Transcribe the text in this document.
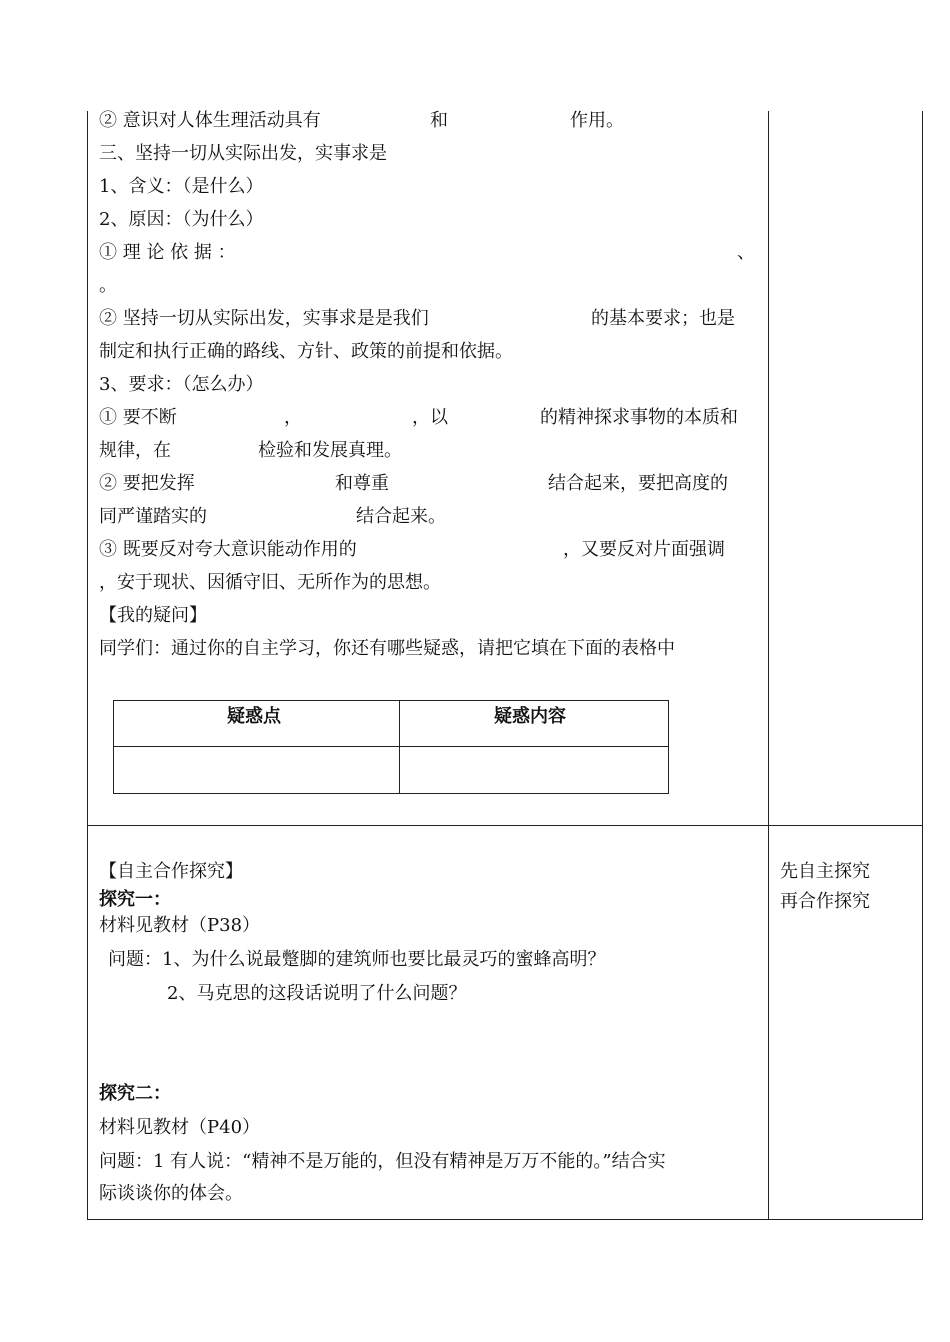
② 意识对人体生理活动具有	和	作用。
三、坚持一切从实际出发，实事求是
1、含义：（是什么）
2、原因：（为什么）
① 理 论 依 据 ：	、
。
② 坚持一切从实际出发，实事求是是我们	的基本要求；也是
制定和执行正确的路线、方针、政策的前提和依据。
3、要求：（怎么办）
① 要不断	，	，以	的精神探求事物的本质和
规律，在	检验和发展真理。
② 要把发挥	和尊重	结合起来，要把高度的
同严谨踏实的	结合起来。
③ 既要反对夸大意识能动作用的	，又要反对片面强调
，安于现状、因循守旧、无所作为的思想。
【我的疑问】
同学们：通过你的自主学习，你还有哪些疑惑，请把它填在下面的表格中
疑惑点	疑惑内容
【自主合作探究】
探究一：
材料见教材（P38）
问题：1、为什么说最蹩脚的建筑师也要比最灵巧的蜜蜂高明？
2、马克思的这段话说明了什么问题？
探究二：
材料见教材（P40）
问题：1 有人说：“精神不是万能的，但没有精神是万万不能的。”结合实
际谈谈你的体会。
先自主探究
再合作探究
